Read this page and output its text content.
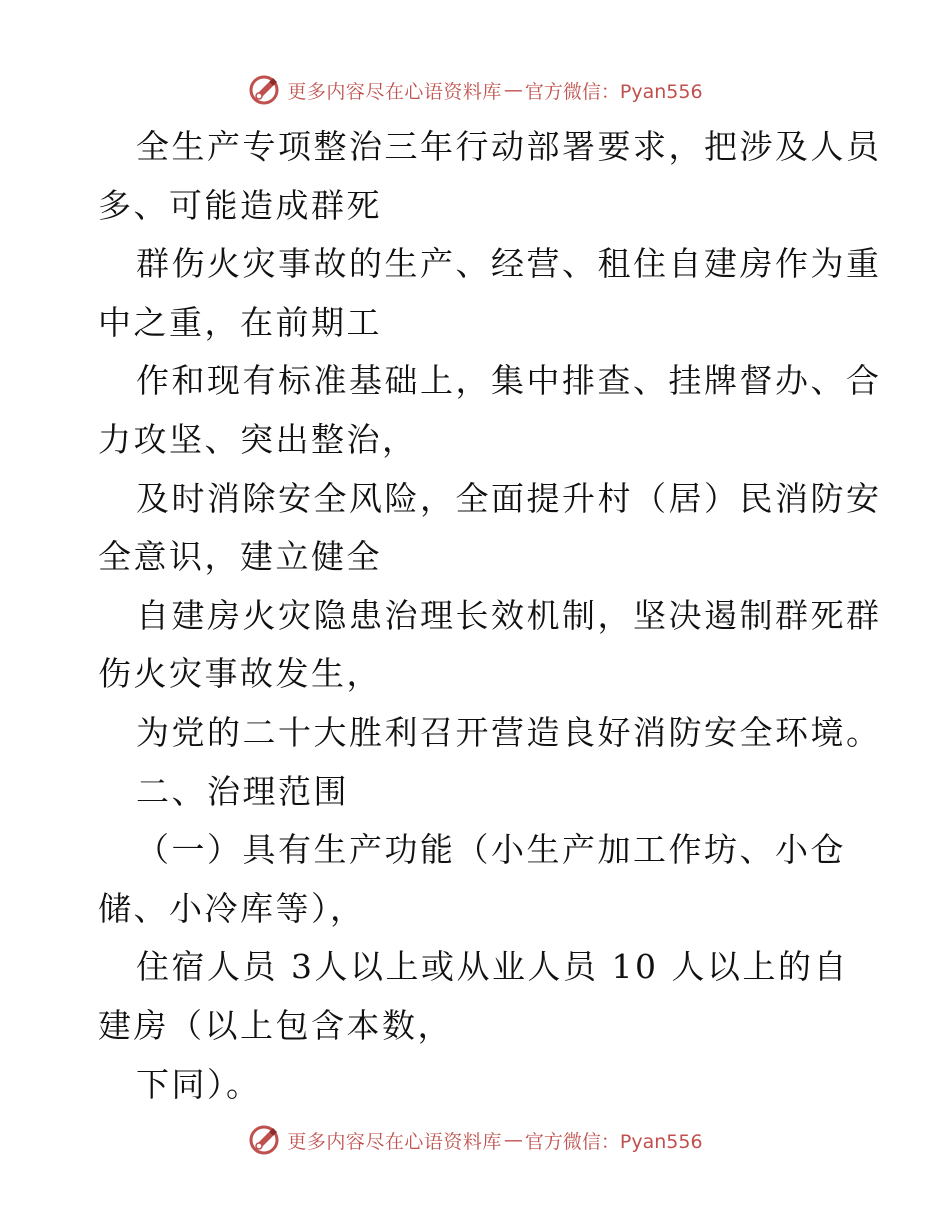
更多内容尽在心语资料库 — 官方微信：Pyan556
全生产专项整治三年行动部署要求，把涉及人员
多、可能造成群死
群伤火灾事故的生产、经营、租住自建房作为重
中之重，在前期工
作和现有标准基础上，集中排查、挂牌督办、合
力攻坚、突出整治，
及时消除安全风险，全面提升村（居）民消防安
全意识，建立健全
自建房火灾隐患治理长效机制，坚决遏制群死群
伤火灾事故发生，
为党的二十大胜利召开营造良好消防安全环境。
二、治理范围
（一）具有生产功能（小生产加工作坊、小仓
储、小冷库等），
住宿人员 3人以上或从业人员 10 人以上的自
建房（以上包含本数，
下同）。
更多内容尽在心语资料库 — 官方微信：Pyan556
